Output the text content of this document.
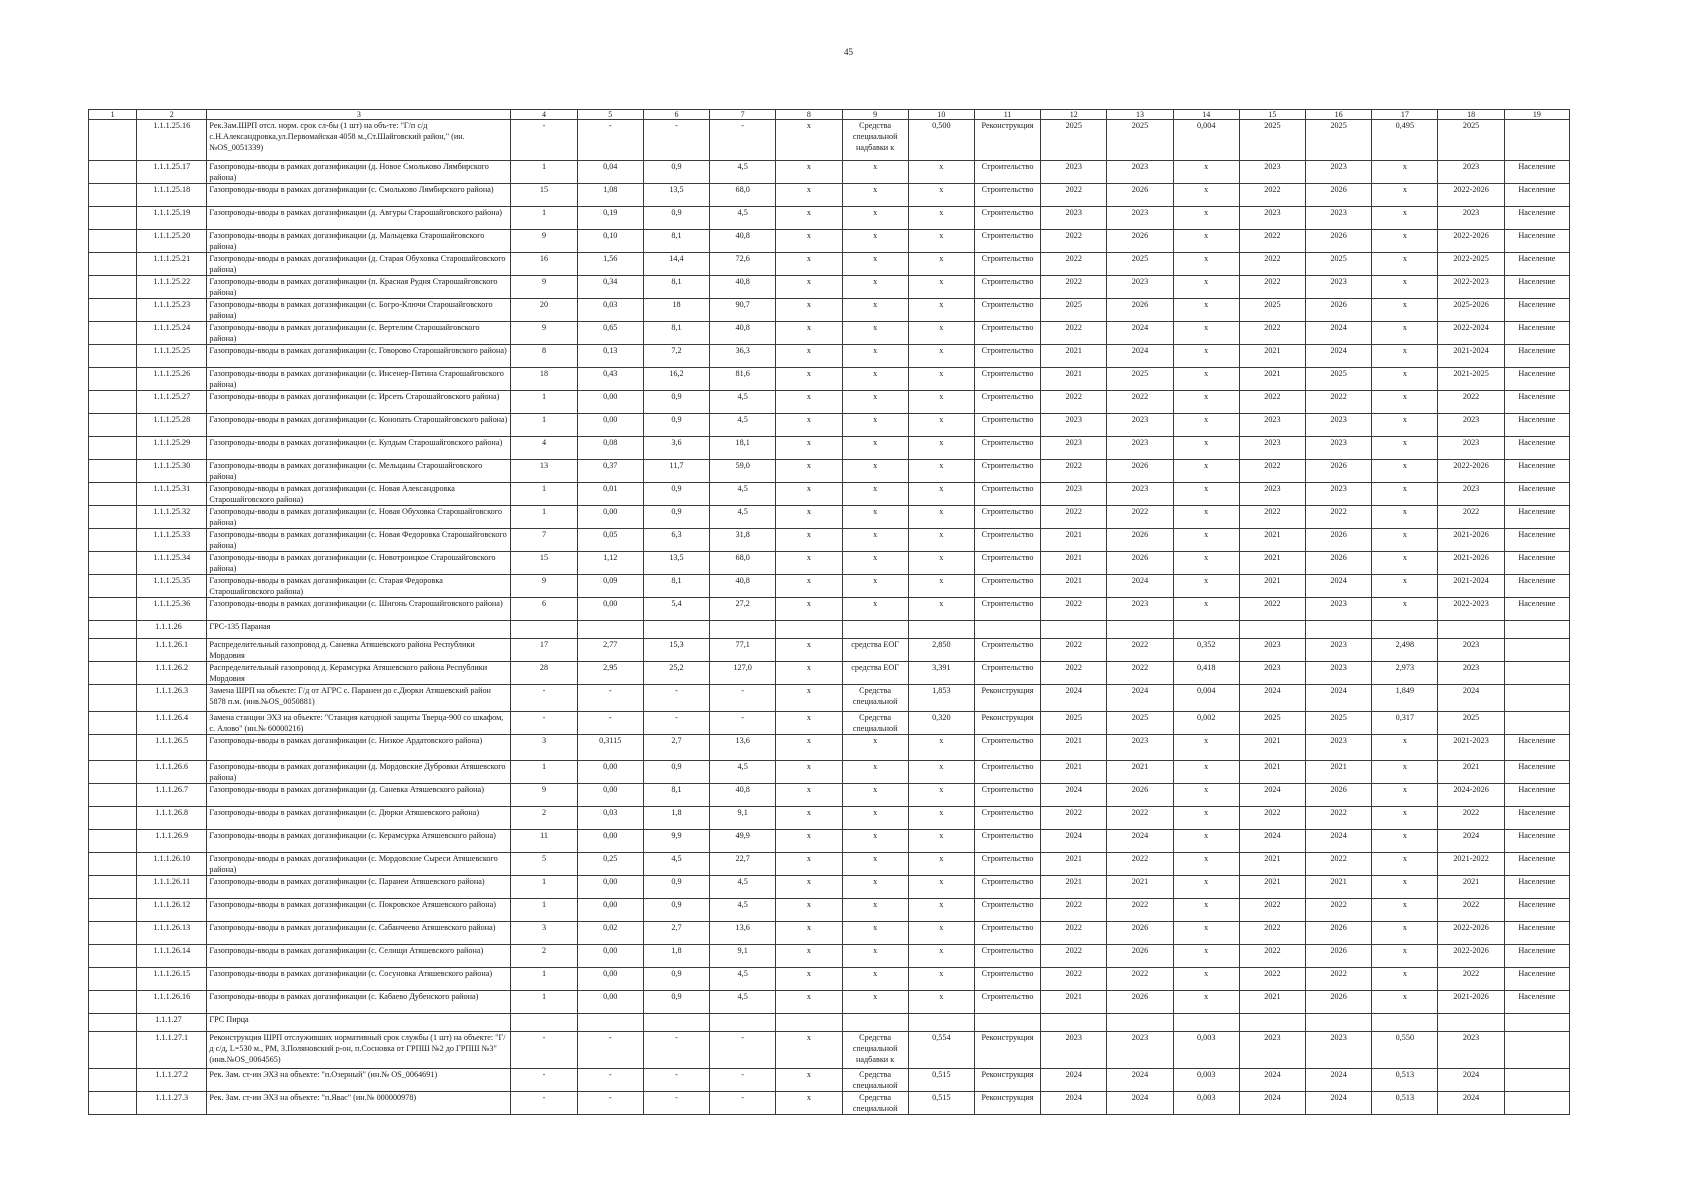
45
1	2	3	4	5	6	7	8	9	10	11	12	13	14	15	16	17	18	19
	1.1.1.25.16	Рек.Зам.ШРП отсл. норм. срок сл-бы (1 шт) на объ-те: "Г/п с/д с.Н.Александровка,ул.Первомайская 4058 м.,Ст.Шайговский район," (ин.№OS_0051339)	-	-	-	-	x	Средства специальной надбавки к	0,500	Реконструкция	2025	2025	0,004	2025	2025	0,495	2025	
	1.1.1.25.17	Газопроводы-вводы в рамках догазификации (д. Новое Смольково Лямбирского района)	1	0,04	0,9	4,5	x	x	x	Строительство	2023	2023	x	2023	2023	x	2023	Население
	1.1.1.25.18	Газопроводы-вводы в рамках догазификации (с. Смольково Лямбирского района)	15	1,08	13,5	68,0	x	x	x	Строительство	2022	2026	x	2022	2026	x	2022-2026	Население
	1.1.1.25.19	Газопроводы-вводы в рамках догазификации (д. Авгуры Старошайговского района)	1	0,19	0,9	4,5	x	x	x	Строительство	2023	2023	x	2023	2023	x	2023	Население
	1.1.1.25.20	Газопроводы-вводы в рамках догазификации (д. Мальцевка Старошайговского района)	9	0,10	8,1	40,8	x	x	x	Строительство	2022	2026	x	2022	2026	x	2022-2026	Население
	1.1.1.25.21	Газопроводы-вводы в рамках догазификации (д. Старая Обуховка Старошайговского района)	16	1,56	14,4	72,6	x	x	x	Строительство	2022	2025	x	2022	2025	x	2022-2025	Население
	1.1.1.25.22	Газопроводы-вводы в рамках догазификации (п. Красная Рудня Старошайговского района)	9	0,34	8,1	40,8	x	x	x	Строительство	2022	2023	x	2022	2023	x	2022-2023	Население
	1.1.1.25.23	Газопроводы-вводы в рамках догазификации (с. Богро-Ключи Старошайговского района)	20	0,03	18	90,7	x	x	x	Строительство	2025	2026	x	2025	2026	x	2025-2026	Население
	1.1.1.25.24	Газопроводы-вводы в рамках догазификации (с. Вертелим Старошайговского района)	9	0,65	8,1	40,8	x	x	x	Строительство	2022	2024	x	2022	2024	x	2022-2024	Население
	1.1.1.25.25	Газопроводы-вводы в рамках догазификации (с. Говорово Старошайговского района)	8	0,13	7,2	36,3	x	x	x	Строительство	2021	2024	x	2021	2024	x	2021-2024	Население
	1.1.1.25.26	Газопроводы-вводы в рамках догазификации (с. Инсенер-Пятина Старошайговского района)	18	0,43	16,2	81,6	x	x	x	Строительство	2021	2025	x	2021	2025	x	2021-2025	Население
	1.1.1.25.27	Газопроводы-вводы в рамках догазификации (с. Ирсеть Старошайговского района)	1	0,00	0,9	4,5	x	x	x	Строительство	2022	2022	x	2022	2022	x	2022	Население
	1.1.1.25.28	Газопроводы-вводы в рамках догазификации (с. Конопать Старошайговского района)	1	0,00	0,9	4,5	x	x	x	Строительство	2023	2023	x	2023	2023	x	2023	Население
	1.1.1.25.29	Газопроводы-вводы в рамках догазификации (с. Кулдым Старошайговского района)	4	0,08	3,6	18,1	x	x	x	Строительство	2023	2023	x	2023	2023	x	2023	Население
	1.1.1.25.30	Газопроводы-вводы в рамках догазификации (с. Мельцаны Старошайговского района)	13	0,37	11,7	59,0	x	x	x	Строительство	2022	2026	x	2022	2026	x	2022-2026	Население
	1.1.1.25.31	Газопроводы-вводы в рамках догазификации (с. Новая Александровка Старошайговского района)	1	0,01	0,9	4,5	x	x	x	Строительство	2023	2023	x	2023	2023	x	2023	Население
	1.1.1.25.32	Газопроводы-вводы в рамках догазификации (с. Новая Обуховка Старошайговского района)	1	0,00	0,9	4,5	x	x	x	Строительство	2022	2022	x	2022	2022	x	2022	Население
	1.1.1.25.33	Газопроводы-вводы в рамках догазификации (с. Новая Федоровка Старошайговского района)	7	0,05	6,3	31,8	x	x	x	Строительство	2021	2026	x	2021	2026	x	2021-2026	Население
	1.1.1.25.34	Газопроводы-вводы в рамках догазификации (с. Новотроицкое Старошайговского района)	15	1,12	13,5	68,0	x	x	x	Строительство	2021	2026	x	2021	2026	x	2021-2026	Население
	1.1.1.25.35	Газопроводы-вводы в рамках догазификации (с. Старая Федоровка Старошайговского района)	9	0,09	8,1	40,8	x	x	x	Строительство	2021	2024	x	2021	2024	x	2021-2024	Население
	1.1.1.25.36	Газопроводы-вводы в рамках догазификации (с. Шигонь Старошайговского района)	6	0,00	5,4	27,2	x	x	x	Строительство	2022	2023	x	2022	2023	x	2022-2023	Население
	1.1.1.26	ГРС-135 Параная																
	1.1.1.26.1	Распределительный газопровод д. Саневка Атяшевского района Республики Мордовия	17	2,77	15,3	77,1	x	средства ЕОГ	2,850	Строительство	2022	2022	0,352	2023	2023	2,498	2023	
	1.1.1.26.2	Распределительный газопровод д. Керамсурка Атяшевского района Республики Мордовия	28	2,95	25,2	127,0	x	средства ЕОГ	3,391	Строительство	2022	2022	0,418	2023	2023	2,973	2023	
	1.1.1.26.3	Замена ШРП на объекте: Г/д от АГРС с. Паранеи до с.Дюрки Атяшевский район 5878 п.м. (инв.№OS_0050881)	-	-	-	-	x	Средства специальной	1,853	Реконструкция	2024	2024	0,004	2024	2024	1,849	2024	
	1.1.1.26.4	Замена станции ЭХЗ на объекте: "Станция катодной защиты Тверца-900 со шкафом, с. Алово" (ин.№ 60000216)	-	-	-	-	x	Средства специальной	0,320	Реконструкция	2025	2025	0,002	2025	2025	0,317	2025	
	1.1.1.26.5	Газопроводы-вводы в рамках догазификации (с. Низкое Ардатовского района)	3	0,3115	2,7	13,6	x	x	x	Строительство	2021	2023	x	2021	2023	x	2021-2023	Население
	1.1.1.26.6	Газопроводы-вводы в рамках догазификации (д. Мордовские Дубровки Атяшевского района)	1	0,00	0,9	4,5	x	x	x	Строительство	2021	2021	x	2021	2021	x	2021	Население
	1.1.1.26.7	Газопроводы-вводы в рамках догазификации (д. Саневка Атяшевского района)	9	0,00	8,1	40,8	x	x	x	Строительство	2024	2026	x	2024	2026	x	2024-2026	Население
	1.1.1.26.8	Газопроводы-вводы в рамках догазификации (с. Дюрки Атяшевского района)	2	0,03	1,8	9,1	x	x	x	Строительство	2022	2022	x	2022	2022	x	2022	Население
	1.1.1.26.9	Газопроводы-вводы в рамках догазификации (с. Керамсурка Атяшевского района)	11	0,00	9,9	49,9	x	x	x	Строительство	2024	2024	x	2024	2024	x	2024	Население
	1.1.1.26.10	Газопроводы-вводы в рамках догазификации (с. Мордовские Сыреси Атяшевского района)	5	0,25	4,5	22,7	x	x	x	Строительство	2021	2022	x	2021	2022	x	2021-2022	Население
	1.1.1.26.11	Газопроводы-вводы в рамках догазификации (с. Паранеи Атяшевского района)	1	0,00	0,9	4,5	x	x	x	Строительство	2021	2021	x	2021	2021	x	2021	Население
	1.1.1.26.12	Газопроводы-вводы в рамках догазификации (с. Покровское Атяшевского района)	1	0,00	0,9	4,5	x	x	x	Строительство	2022	2022	x	2022	2022	x	2022	Население
	1.1.1.26.13	Газопроводы-вводы в рамках догазификации (с. Сабанчеево Атяшевского района)	3	0,02	2,7	13,6	x	x	x	Строительство	2022	2026	x	2022	2026	x	2022-2026	Население
	1.1.1.26.14	Газопроводы-вводы в рамках догазификации (с. Селищи Атяшевского района)	2	0,00	1,8	9,1	x	x	x	Строительство	2022	2026	x	2022	2026	x	2022-2026	Население
	1.1.1.26.15	Газопроводы-вводы в рамках догазификации (с. Сосуновка Атяшевского района)	1	0,00	0,9	4,5	x	x	x	Строительство	2022	2022	x	2022	2022	x	2022	Население
	1.1.1.26.16	Газопроводы-вводы в рамках догазификации (с. Кабаево Дубенского района)	1	0,00	0,9	4,5	x	x	x	Строительство	2021	2026	x	2021	2026	x	2021-2026	Население
	1.1.1.27	ГРС Пирца																
	1.1.1.27.1	Реконструкция ШРП отслуживших нормативный срок службы (1 шт) на объекте: "Г/д с/д, L=530 м., РМ, З.Поляновский р-он, п.Сосновка от ГРПШ №2 до ГРПШ №3" (инв.№OS_0064565)	-	-	-	-	x	Средства специальной надбавки к	0,554	Реконструкция	2023	2023	0,003	2023	2023	0,550	2023	
	1.1.1.27.2	Рек. Зам. ст-ии ЭХЗ на объекте: "п.Озерный" (ин.№ OS_0064691)	-	-	-	-	x	Средства специальной	0,515	Реконструкция	2024	2024	0,003	2024	2024	0,513	2024	
	1.1.1.27.3	Рек. Зам. ст-ии ЭХЗ на объекте: "п.Явас" (ин.№ 000000978)	-	-	-	-	x	Средства специальной	0,515	Реконструкция	2024	2024	0,003	2024	2024	0,513	2024	
